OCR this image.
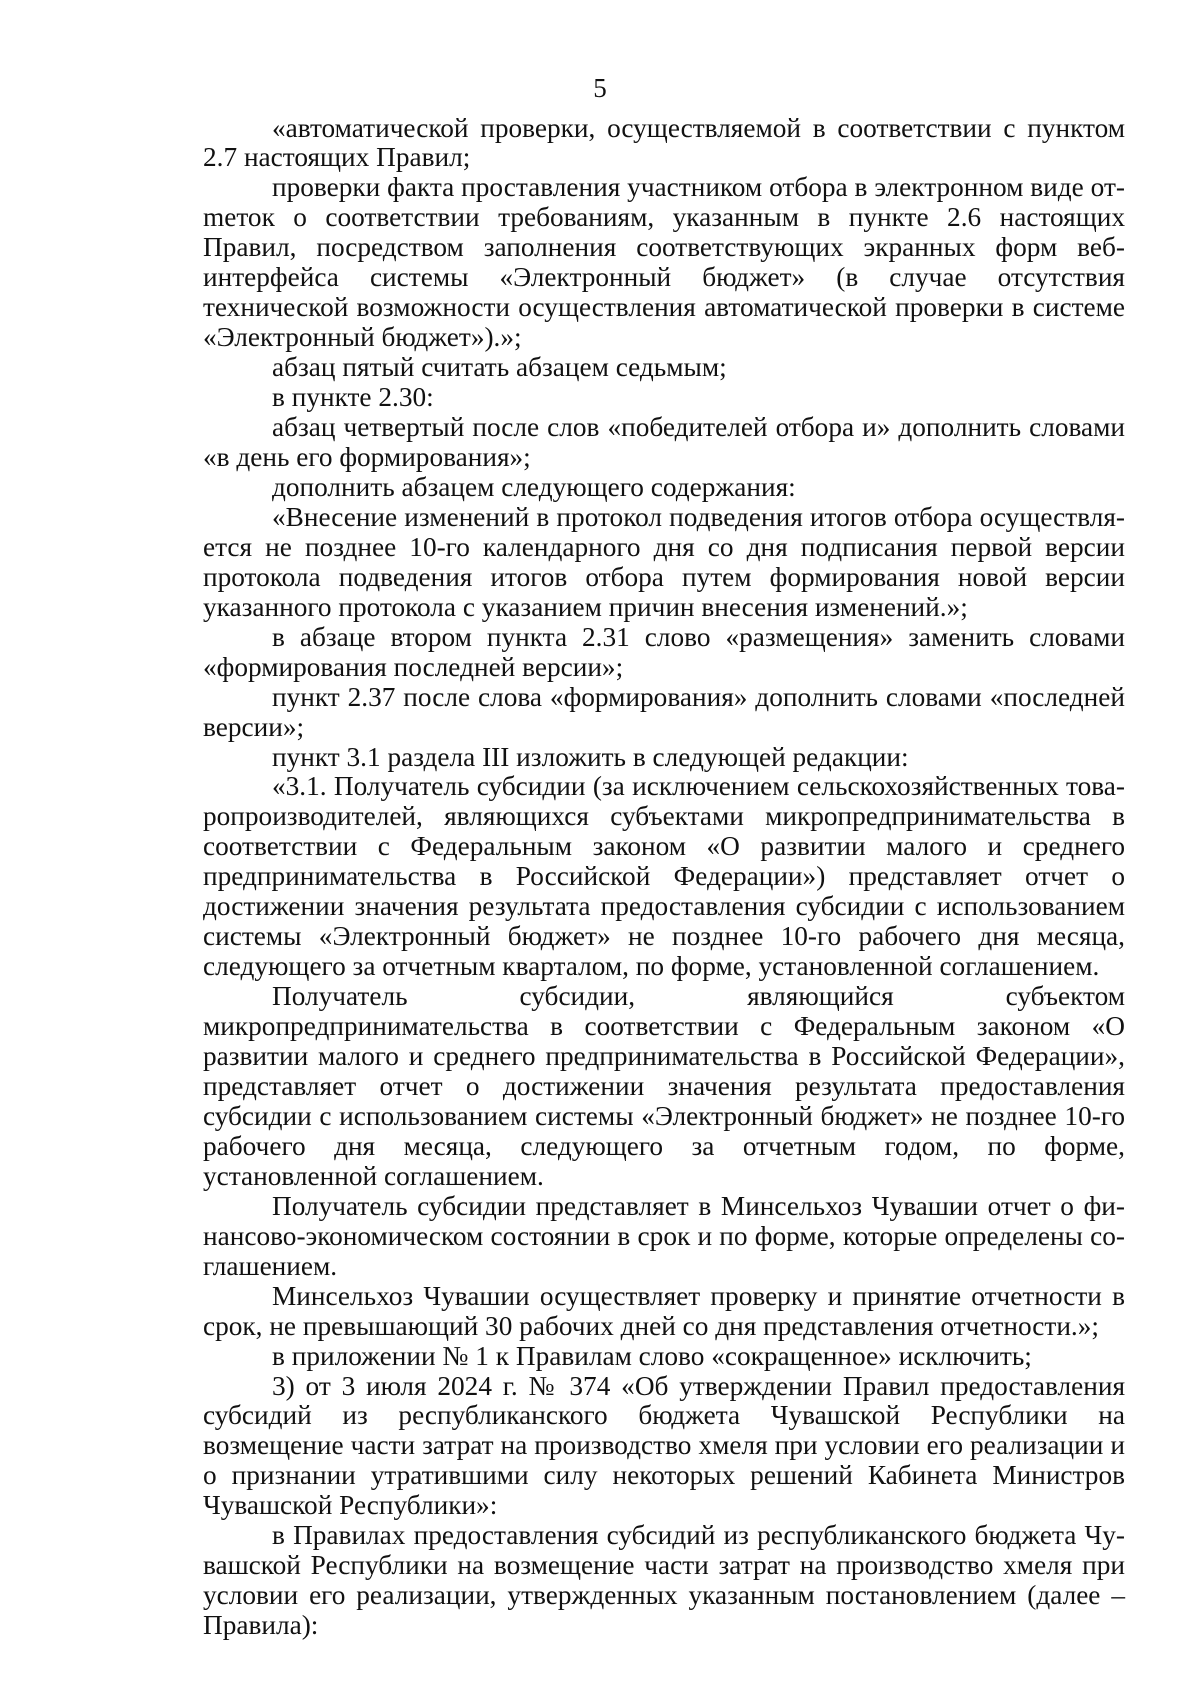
5

«автоматической проверки, осуществляемой в соответствии с пунктом 2.7 настоящих Правил;

проверки факта проставления участником отбора в электронном виде отmеток о соответствии требованиям, указанным в пункте 2.6 настоящих Правил, посредством заполнения соответствующих экранных форм веб-интерфейса системы «Электронный бюджет» (в случае отсутствия технической возможности осуществления автоматической проверки в системе «Электронный бюджет»).»;

абзац пятый считать абзацем седьмым;

в пункте 2.30:

абзац четвертый после слов «победителей отбора и» дополнить словами «в день его формирования»;

дополнить абзацем следующего содержания:

«Внесение изменений в протокол подведения итогов отбора осуществляется не позднее 10-го календарного дня со дня подписания первой версии протокола подведения итогов отбора путем формирования новой версии указанного протокола с указанием причин внесения изменений.»;

в абзаце втором пункта 2.31 слово «размещения» заменить словами «формирования последней версии»;

пункт 2.37 после слова «формирования» дополнить словами «последней версии»;

пункт 3.1 раздела III изложить в следующей редакции:

«3.1. Получатель субсидии (за исключением сельскохозяйственных товаропроизводителей, являющихся субъектами микропредпринимательства в соответствии с Федеральным законом «О развитии малого и среднего предпринимательства в Российской Федерации») представляет отчет о достижении значения результата предоставления субсидии с использованием системы «Электронный бюджет» не позднее 10-го рабочего дня месяца, следующего за отчетным кварталом, по форме, установленной соглашением.

Получатель субсидии, являющийся субъектом микропредпринимательства в соответствии с Федеральным законом «О развитии малого и среднего предпринимательства в Российской Федерации», представляет отчет о достижении значения результата предоставления субсидии с использованием системы «Электронный бюджет» не позднее 10-го рабочего дня месяца, следующего за отчетным годом, по форме, установленной соглашением.

Получатель субсидии представляет в Минсельхоз Чувашии отчет о финансово-экономическом состоянии в срок и по форме, которые определены соглашением.

Минсельхоз Чувашии осуществляет проверку и принятие отчетности в срок, не превышающий 30 рабочих дней со дня представления отчетности.»;

в приложении № 1 к Правилам слово «сокращенное» исключить;

3) от 3 июля 2024 г. № 374 «Об утверждении Правил предоставления субсидий из республиканского бюджета Чувашской Республики на возмещение части затрат на производство хмеля при условии его реализации и о признании утратившими силу некоторых решений Кабинета Министров Чувашской Республики»:

в Правилах предоставления субсидий из республиканского бюджета Чувашской Республики на возмещение части затрат на производство хмеля при условии его реализации, утвержденных указанным постановлением (далее – Правила):
